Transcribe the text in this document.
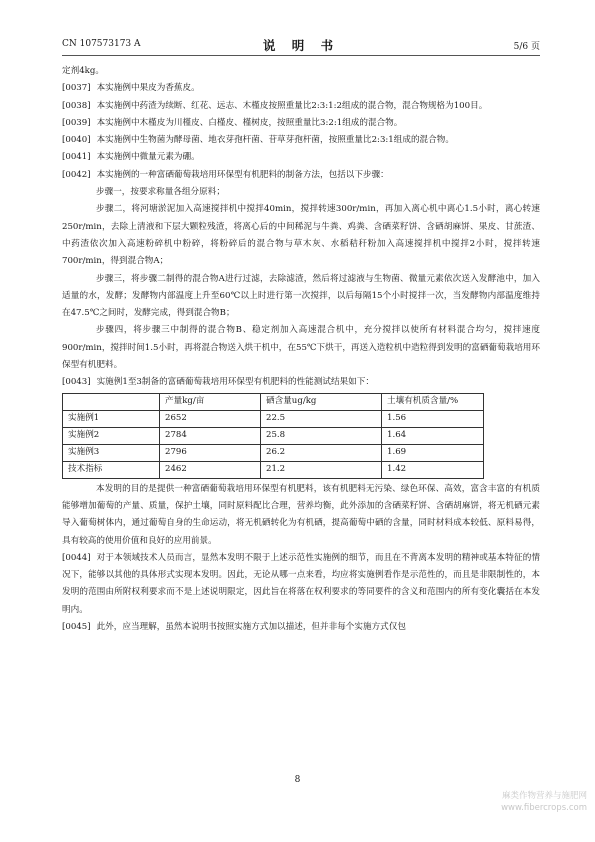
CN 107573173 A	说 明 书	5/6 页

定剂4kg。

[0037] 本实施例中果皮为香蕉皮。

[0038] 本实施例中药渣为续断、红花、远志、木槿皮按照重量比2:3:1:2组成的混合物，混合物规格为100目。

[0039] 本实施例中木槿皮为川槿皮、白槿皮、槿树皮，按照重量比3:2:1组成的混合物。

[0040] 本实施例中生物菌为酵母菌、地衣芽孢杆菌、苷草芽孢杆菌，按照重量比2:3:1组成的混合物。

[0041] 本实施例中微量元素为硼。

[0042] 本实施例的一种富硒葡萄栽培用环保型有机肥料的制备方法，包括以下步骤：

步骤一，按要求称量各组分原料；

步骤二，将河塘淤泥加入高速搅拌机中搅拌40min，搅拌转速300r/min，再加入离心机中离心1.5小时，离心转速250r/min，去除上清液和下层大颗粒残渣，将离心后的中间稀泥与牛粪、鸡粪、含硒菜籽饼、含硒胡麻饼、果皮、甘蔗渣、中药渣依次加入高速粉碎机中粉碎，将粉碎后的混合物与草木灰、水稻秸秆粉加入高速搅拌机中搅拌2小时，搅拌转速700r/min，得到混合物A；

步骤三，将步骤二制得的混合物A进行过滤，去除滤渣，然后将过滤液与生物菌、微量元素依次送入发酵池中，加入适量的水，发酵；发酵物内部温度上升至60℃以上时进行第一次搅拌，以后每隔15个小时搅拌一次，当发酵物内部温度维持在47.5℃之间时，发酵完成，得到混合物B；

步骤四，将步骤三中制得的混合物B、稳定剂加入高速混合机中，充分搅拌以使所有材料混合均匀，搅拌速度900r/min，搅拌时间1.5小时，再将混合物送入烘干机中，在55℃下烘干，再送入造粒机中造粒得到发明的富硒葡萄栽培用环保型有机肥料。

[0043] 实施例1至3制备的富硒葡萄栽培用环保型有机肥料的性能测试结果如下：

	产量kg/亩	硒含量ug/kg	土壤有机质含量/%
实施例1	2652	22.5	1.56
实施例2	2784	25.8	1.64
实施例3	2796	26.2	1.69
技术指标	2462	21.2	1.42

本发明的目的是提供一种富硒葡萄栽培用环保型有机肥料，该有机肥料无污染、绿色环保、高效，富含丰富的有机质能够增加葡萄的产量、质量，保护土壤，同时原料配比合理，营养均衡，此外添加的含硒菜籽饼、含硒胡麻饼，将无机硒元素导入葡萄树体内，通过葡萄自身的生命运动，将无机硒转化为有机硒，提高葡萄中硒的含量，同时材料成本较低、原料易得，具有较高的使用价值和良好的应用前景。

[0044] 对于本领域技术人员而言，显然本发明不限于上述示范性实施例的细节，而且在不背离本发明的精神或基本特征的情况下，能够以其他的具体形式实现本发明。因此，无论从哪一点来看，均应将实施例看作是示范性的，而且是非限制性的，本发明的范围由所附权利要求而不是上述说明限定，因此旨在将落在权利要求的等同要件的含义和范围内的所有变化囊括在本发明内。

[0045] 此外，应当理解，虽然本说明书按照实施方式加以描述，但并非每个实施方式仅包

8
麻类作物营养与施肥网
www.fibercrops.com
